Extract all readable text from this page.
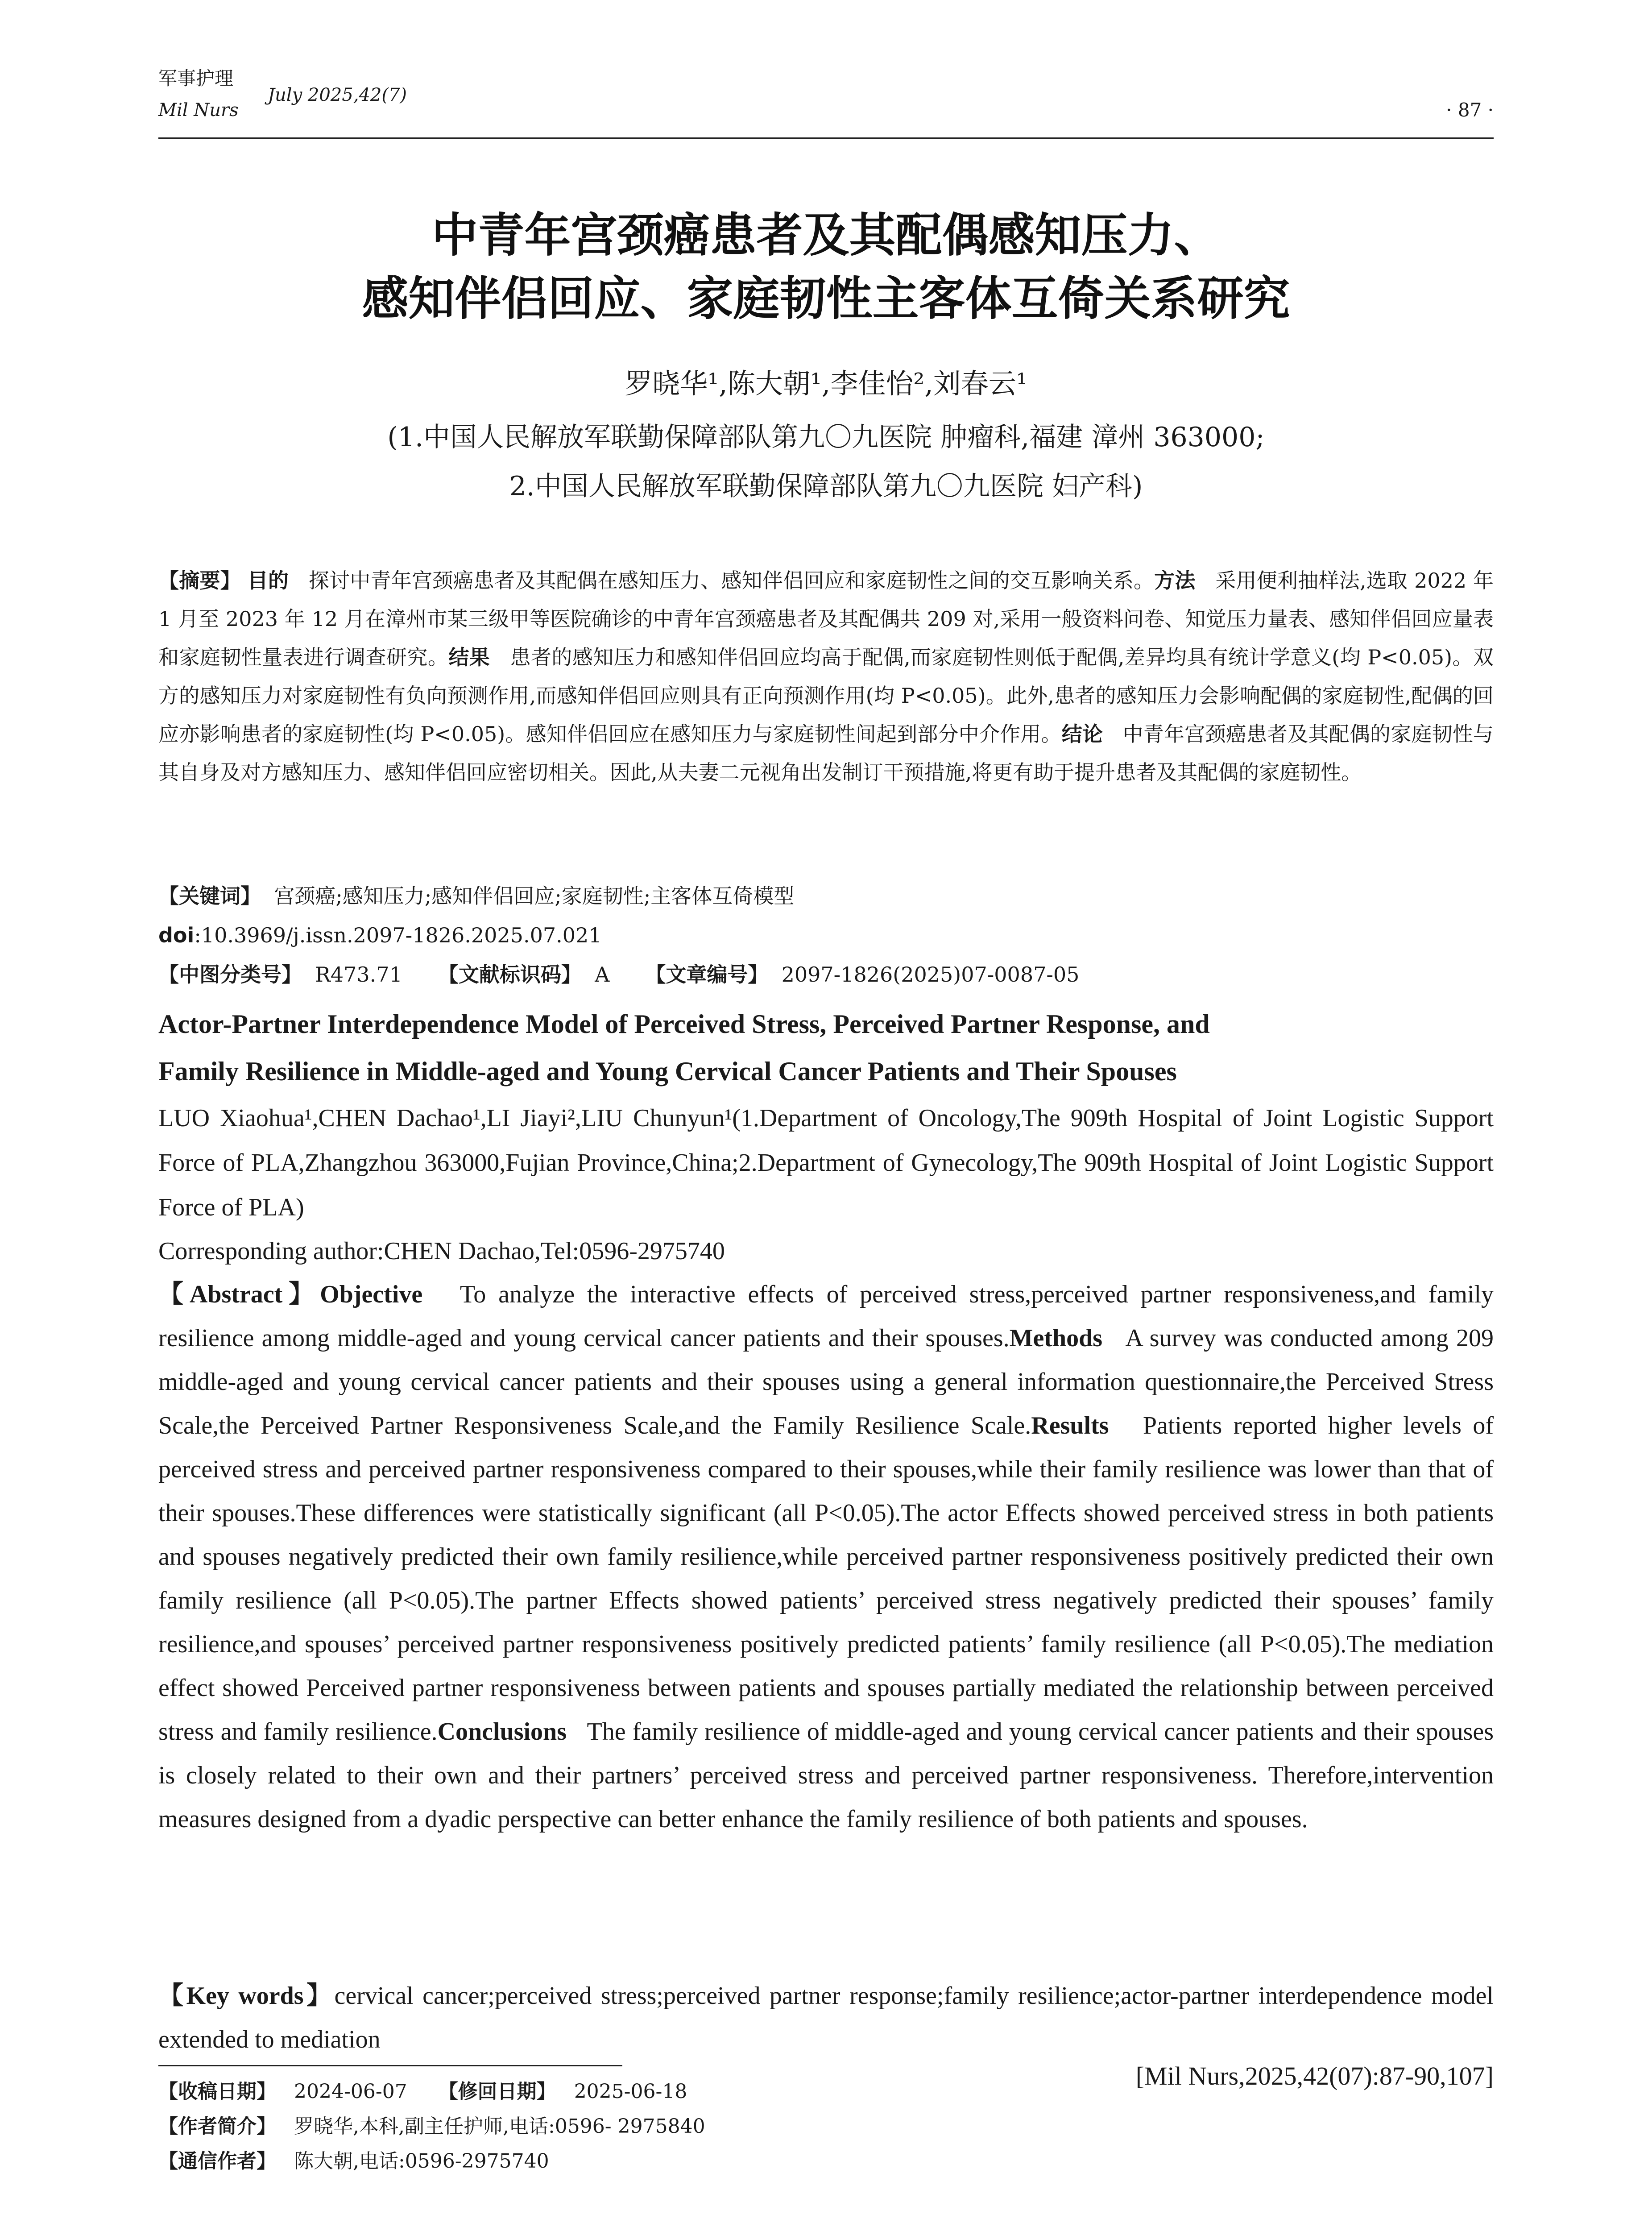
军事护理
July 2025,42(7)
Mil Nurs	· 87 ·
中青年宫颈癌患者及其配偶感知压力、
感知伴侣回应、家庭韧性主客体互倚关系研究
罗晓华¹,陈大朝¹,李佳怡²,刘春云¹
(1.中国人民解放军联勤保障部队第九〇九医院 肿瘤科,福建 漳州 363000;
2.中国人民解放军联勤保障部队第九〇九医院 妇产科)

【摘要】 目的 探讨中青年宫颈癌患者及其配偶在感知压力、感知伴侣回应和家庭韧性之间的交互影响关系。方法 采用便利抽样法,选取 2022 年 1 月至 2023 年 12 月在漳州市某三级甲等医院确诊的中青年宫颈癌患者及其配偶共 209 对,采用一般资料问卷、知觉压力量表、感知伴侣回应量表和家庭韧性量表进行调查研究。结果 患者的感知压力和感知伴侣回应均高于配偶,而家庭韧性则低于配偶,差异均具有统计学意义(均 P<0.05)。双方的感知压力对家庭韧性有负向预测作用,而感知伴侣回应则具有正向预测作用(均 P<0.05)。此外,患者的感知压力会影响配偶的家庭韧性,配偶的回应亦影响患者的家庭韧性(均 P<0.05)。感知伴侣回应在感知压力与家庭韧性间起到部分中介作用。结论 中青年宫颈癌患者及其配偶的家庭韧性与其自身及对方感知压力、感知伴侣回应密切相关。因此,从夫妻二元视角出发制订干预措施,将更有助于提升患者及其配偶的家庭韧性。

【关键词】 宫颈癌;感知压力;感知伴侣回应;家庭韧性;主客体互倚模型
doi:10.3969/j.issn.2097-1826.2025.07.021
【中图分类号】 R473.71 【文献标识码】 A 【文章编号】 2097-1826(2025)07-0087-05

Actor-Partner Interdependence Model of Perceived Stress, Perceived Partner Response, and

Family Resilience in Middle-aged and Young Cervical Cancer Patients and Their Spouses

LUO Xiaohua¹,CHEN Dachao¹,LI Jiayi²,LIU Chunyun¹(1.Department of Oncology,The 909th Hospital of Joint Logistic Support Force of PLA,Zhangzhou 363000,Fujian Province,China;2.Department of Gynecology,The 909th Hospital of Joint Logistic Support Force of PLA)

Corresponding author:CHEN Dachao,Tel:0596-2975740

【Abstract】Objective To analyze the interactive effects of perceived stress,perceived partner responsiveness,and family resilience among middle-aged and young cervical cancer patients and their spouses.Methods A survey was conducted among 209 middle-aged and young cervical cancer patients and their spouses using a general information questionnaire,the Perceived Stress Scale,the Perceived Partner Responsiveness Scale,and the Family Resilience Scale.Results Patients reported higher levels of perceived stress and perceived partner responsiveness compared to their spouses,while their family resilience was lower than that of their spouses.These differences were statistically significant (all P<0.05).The actor Effects showed perceived stress in both patients and spouses negatively predicted their own family resilience,while perceived partner responsiveness positively predicted their own family resilience (all P<0.05).The partner Effects showed patients’ perceived stress negatively predicted their spouses’ family resilience,and spouses’ perceived partner responsiveness positively predicted patients’ family resilience (all P<0.05).The mediation effect showed Perceived partner responsiveness between patients and spouses partially mediated the relationship between perceived stress and family resilience.Conclusions The family resilience of middle-aged and young cervical cancer patients and their spouses is closely related to their own and their partners’ perceived stress and perceived partner responsiveness. Therefore,intervention measures designed from a dyadic perspective can better enhance the family resilience of both patients and spouses.

【Key words】cervical cancer;perceived stress;perceived partner response;family resilience;actor-partner interdependence model extended to mediation

[Mil Nurs,2025,42(07):87-90,107]
【收稿日期】 2024-06-07 【修回日期】 2025-06-18
【作者简介】 罗晓华,本科,副主任护师,电话:0596- 2975840
【通信作者】 陈大朝,电话:0596-2975740
